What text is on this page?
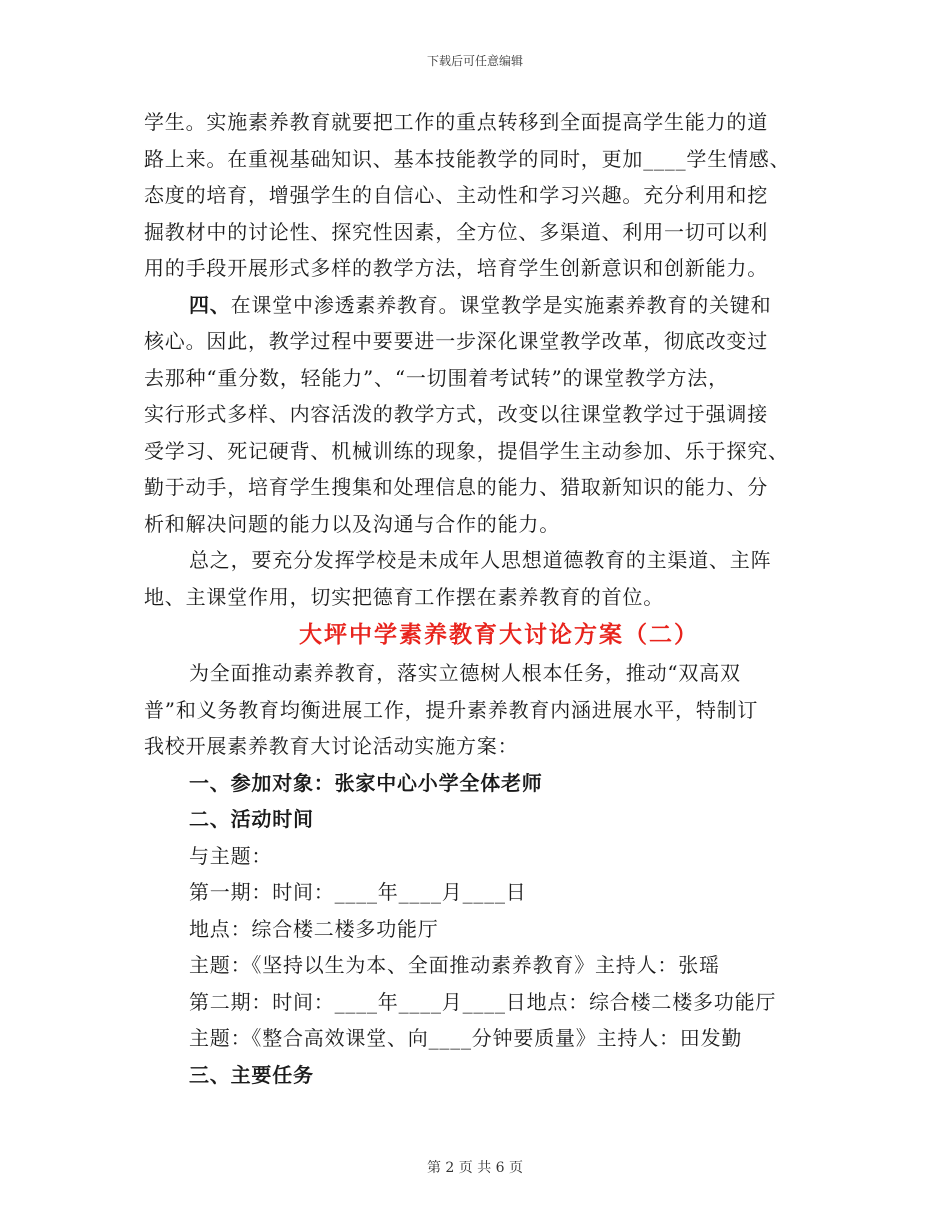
下载后可任意编辑
学生。实施素养教育就要把工作的重点转移到全面提高学生能力的道
路上来。在重视基础知识、基本技能教学的同时，更加____学生情感、
态度的培育，增强学生的自信心、主动性和学习兴趣。充分利用和挖
掘教材中的讨论性、探究性因素，全方位、多渠道、利用一切可以利
用的手段开展形式多样的教学方法，培育学生创新意识和创新能力。
四、在课堂中渗透素养教育。课堂教学是实施素养教育的关键和
核心。因此，教学过程中要要进一步深化课堂教学改革，彻底改变过
去那种“重分数，轻能力”、“一切围着考试转”的课堂教学方法，
实行形式多样、内容活泼的教学方式，改变以往课堂教学过于强调接
受学习、死记硬背、机械训练的现象，提倡学生主动参加、乐于探究、
勤于动手，培育学生搜集和处理信息的能力、猎取新知识的能力、分
析和解决问题的能力以及沟通与合作的能力。
总之，要充分发挥学校是未成年人思想道德教育的主渠道、主阵
地、主课堂作用，切实把德育工作摆在素养教育的首位。
大坪中学素养教育大讨论方案（二）
为全面推动素养教育，落实立德树人根本任务，推动“双高双
普”和义务教育均衡进展工作，提升素养教育内涵进展水平，特制订
我校开展素养教育大讨论活动实施方案：
一、参加对象：张家中心小学全体老师
二、活动时间
与主题：
第一期：时间：____年____月____日
地点：综合楼二楼多功能厅
主题：《坚持以生为本、全面推动素养教育》主持人：张瑶
第二期：时间：____年____月____日地点：综合楼二楼多功能厅
主题：《整合高效课堂、向____分钟要质量》主持人：田发勤
三、主要任务
第 2 页 共 6 页
